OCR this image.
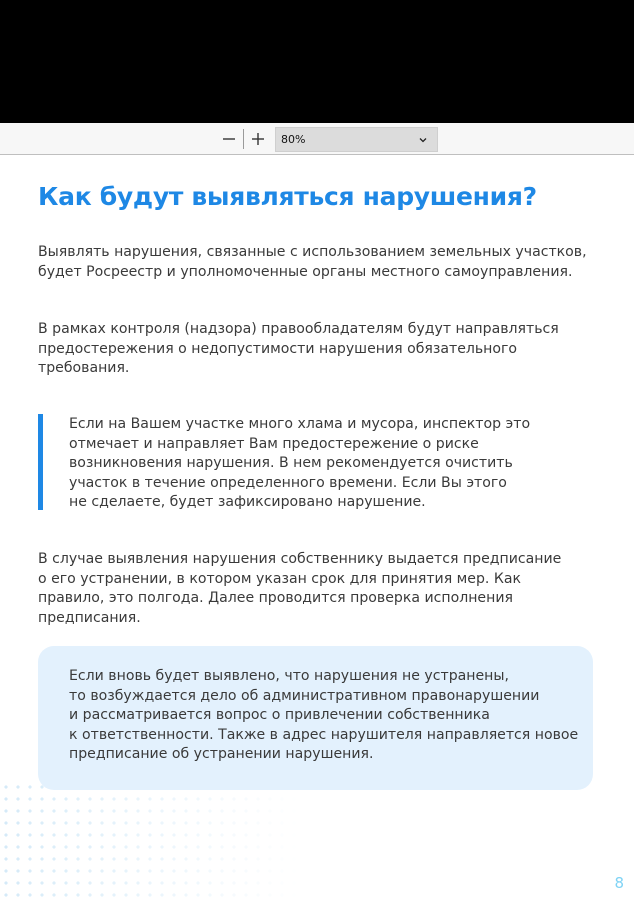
80%
Как будут выявляться нарушения?

Выявлять нарушения, связанные с использованием земельных участков,
будет Росреестр и уполномоченные органы местного самоуправления.

В рамках контроля (надзора) правообладателям будут направляться
предостережения о недопустимости нарушения обязательного
требования.

Если на Вашем участке много хлама и мусора, инспектор это
отмечает и направляет Вам предостережение о риске
возникновения нарушения. В нем рекомендуется очистить
участок в течение определенного времени. Если Вы этого
не сделаете, будет зафиксировано нарушение.

В случае выявления нарушения собственнику выдается предписание
о его устранении, в котором указан срок для принятия мер. Как
правило, это полгода. Далее проводится проверка исполнения
предписания.

Если вновь будет выявлено, что нарушения не устранены,
то возбуждается дело об административном правонарушении
и рассматривается вопрос о привлечении собственника
к ответственности. Также в адрес нарушителя направляется новое
предписание об устранении нарушения.
8
